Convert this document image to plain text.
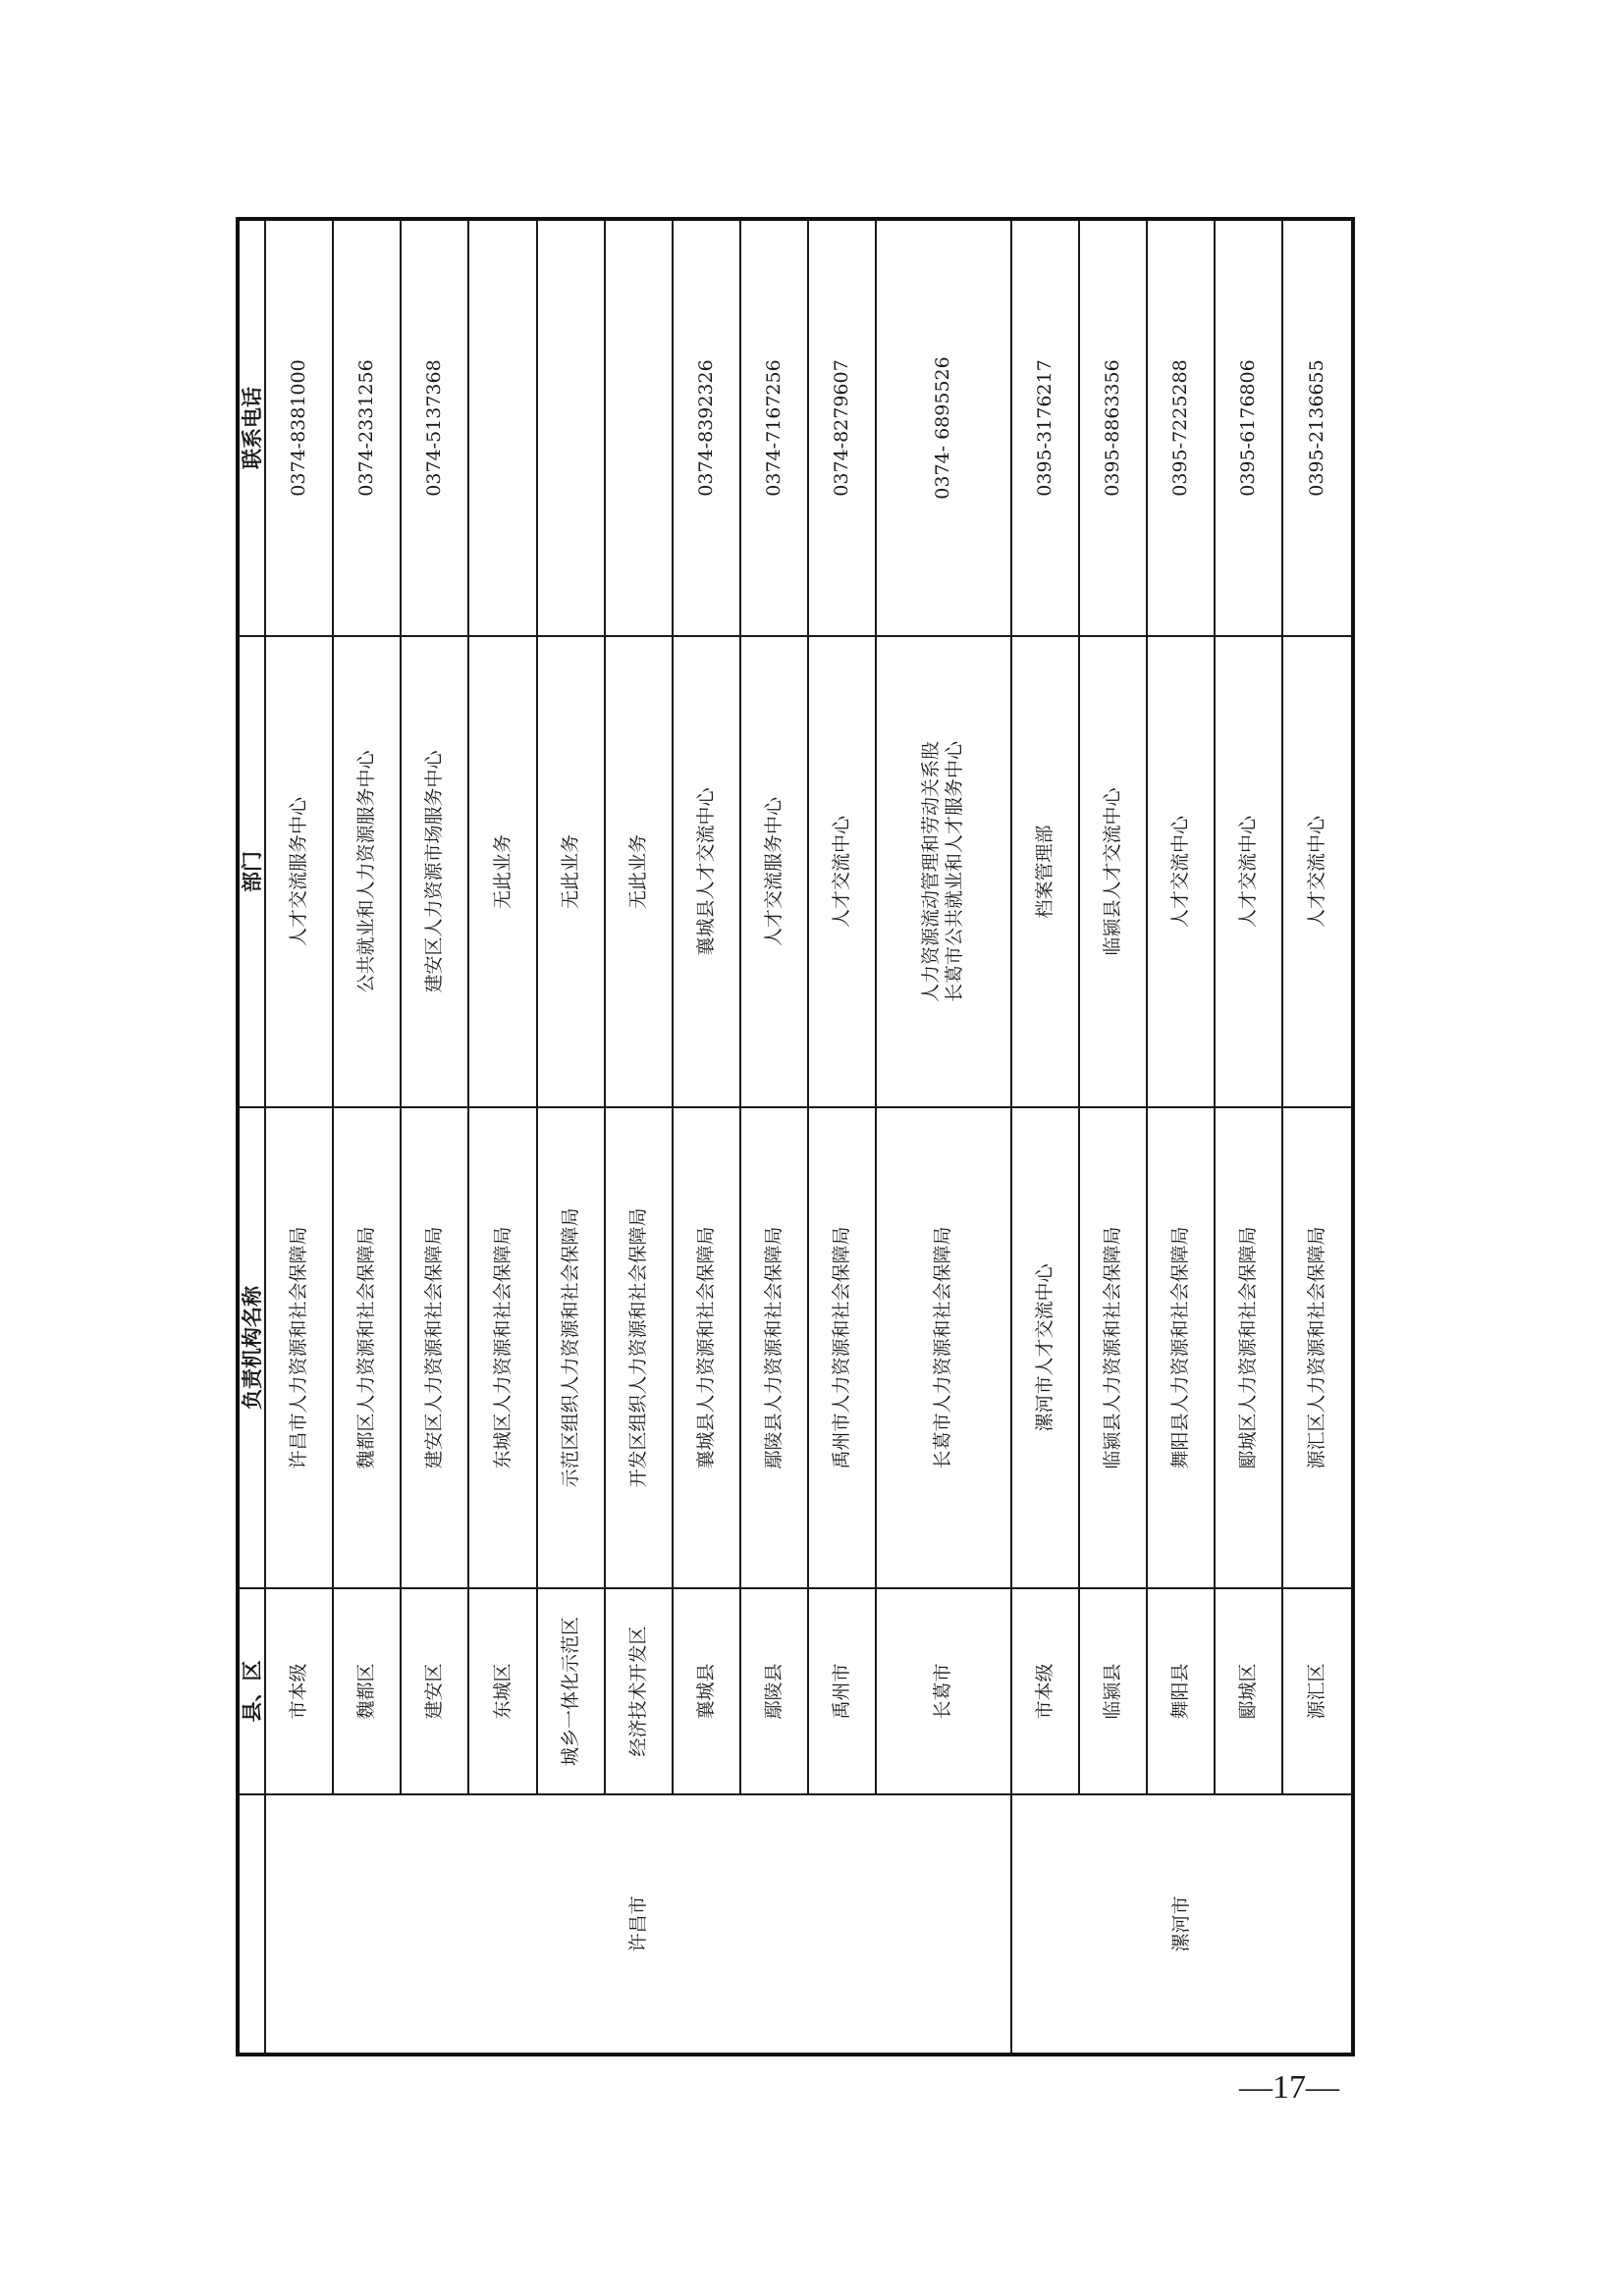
	县、区	负责机构名称	部门	联系电话
许昌市	市本级	许昌市人力资源和社会保障局	人才交流服务中心	0374-8381000
	魏都区	魏都区人力资源和社会保障局	公共就业和人力资源服务中心	0374-2331256
	建安区	建安区人力资源和社会保障局	建安区人力资源市场服务中心	0374-5137368
	东城区	东城区人力资源和社会保障局	无此业务	
	城乡一体化示范区	示范区组织人力资源和社会保障局	无此业务	
	经济技术开发区	开发区组织人力资源和社会保障局	无此业务	
	襄城县	襄城县人力资源和社会保障局	襄城县人才交流中心	0374-8392326
	鄢陵县	鄢陵县人力资源和社会保障局	人才交流服务中心	0374-7167256
	禹州市	禹州市人力资源和社会保障局	人才交流中心	0374-8279607
	长葛市	长葛市人力资源和社会保障局	人力资源流动管理和劳动关系股 长葛市公共就业和人才服务中心	0374- 6895526
漯河市	市本级	漯河市人才交流中心	档案管理部	0395-3176217
	临颍县	临颍县人力资源和社会保障局	临颍县人才交流中心	0395-8863356
	舞阳县	舞阳县人力资源和社会保障局	人才交流中心	0395-7225288
	郾城区	郾城区人力资源和社会保障局	人才交流中心	0395-6176806
	源汇区	源汇区人力资源和社会保障局	人才交流中心	0395-2136655
—17—
